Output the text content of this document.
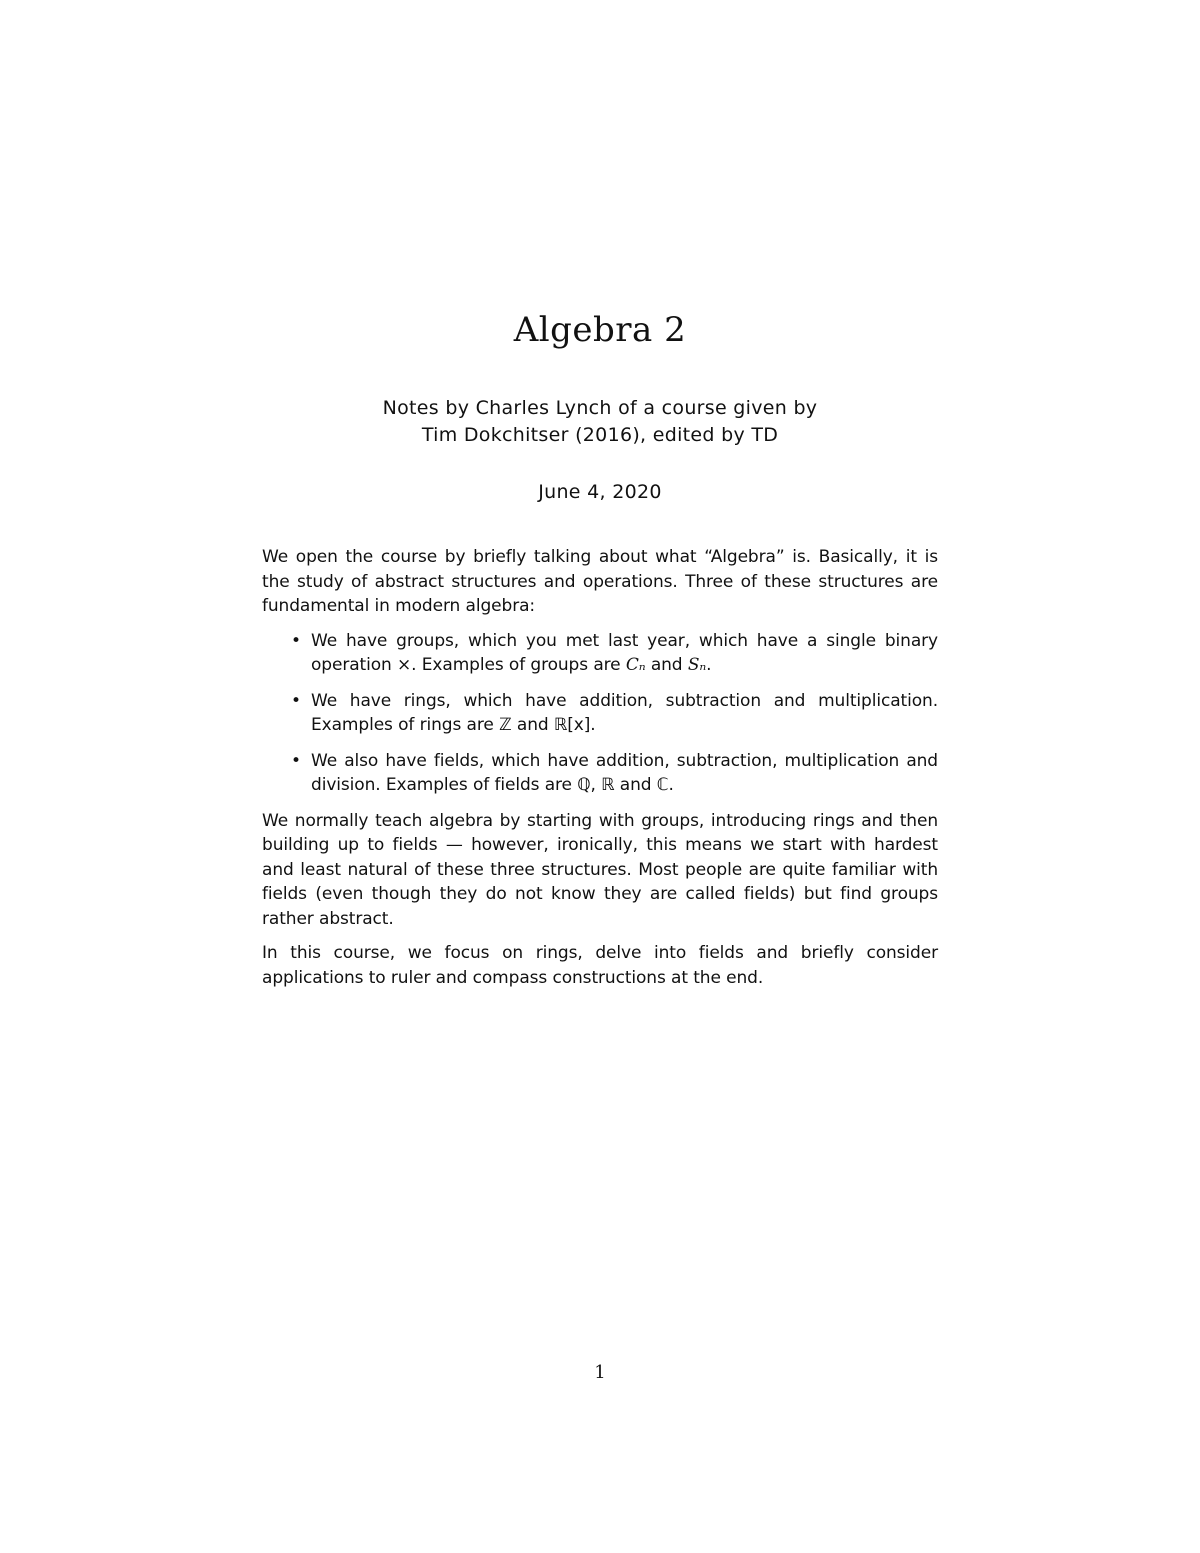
Algebra 2
Notes by Charles Lynch of a course given by
Tim Dokchitser (2016), edited by TD
June 4, 2020

We open the course by briefly talking about what “Algebra” is. Basically, it is the study of abstract structures and operations. Three of these structures are fundamental in modern algebra:

• We have groups, which you met last year, which have a single binary operation ×. Examples of groups are Cₙ and Sₙ.
• We have rings, which have addition, subtraction and multiplication. Examples of rings are ℤ and ℝ[x].
• We also have fields, which have addition, subtraction, multiplication and division. Examples of fields are ℚ, ℝ and ℂ.

We normally teach algebra by starting with groups, introducing rings and then building up to fields — however, ironically, this means we start with hardest and least natural of these three structures. Most people are quite familiar with fields (even though they do not know they are called fields) but find groups rather abstract.

In this course, we focus on rings, delve into fields and briefly consider applications to ruler and compass constructions at the end.

1
